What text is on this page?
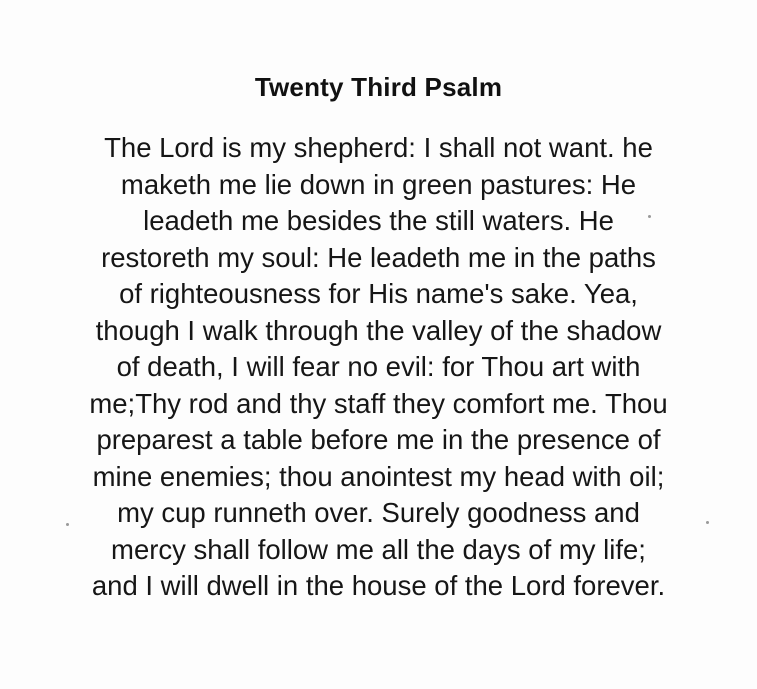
Twenty Third Psalm
The Lord is my shepherd: I shall not want. he
maketh me lie down in green pastures: He
leadeth me besides the still waters. He
restoreth my soul: He leadeth me in the paths
of righteousness for His name's sake. Yea,
though I walk through the valley of the shadow
of death, I will fear no evil: for Thou art with
me;Thy rod and thy staff they comfort me. Thou
preparest a table before me in the presence of
mine enemies; thou anointest my head with oil;
my cup runneth over. Surely goodness and
mercy shall follow me all the days of my life;
and I will dwell in the house of the Lord forever.
